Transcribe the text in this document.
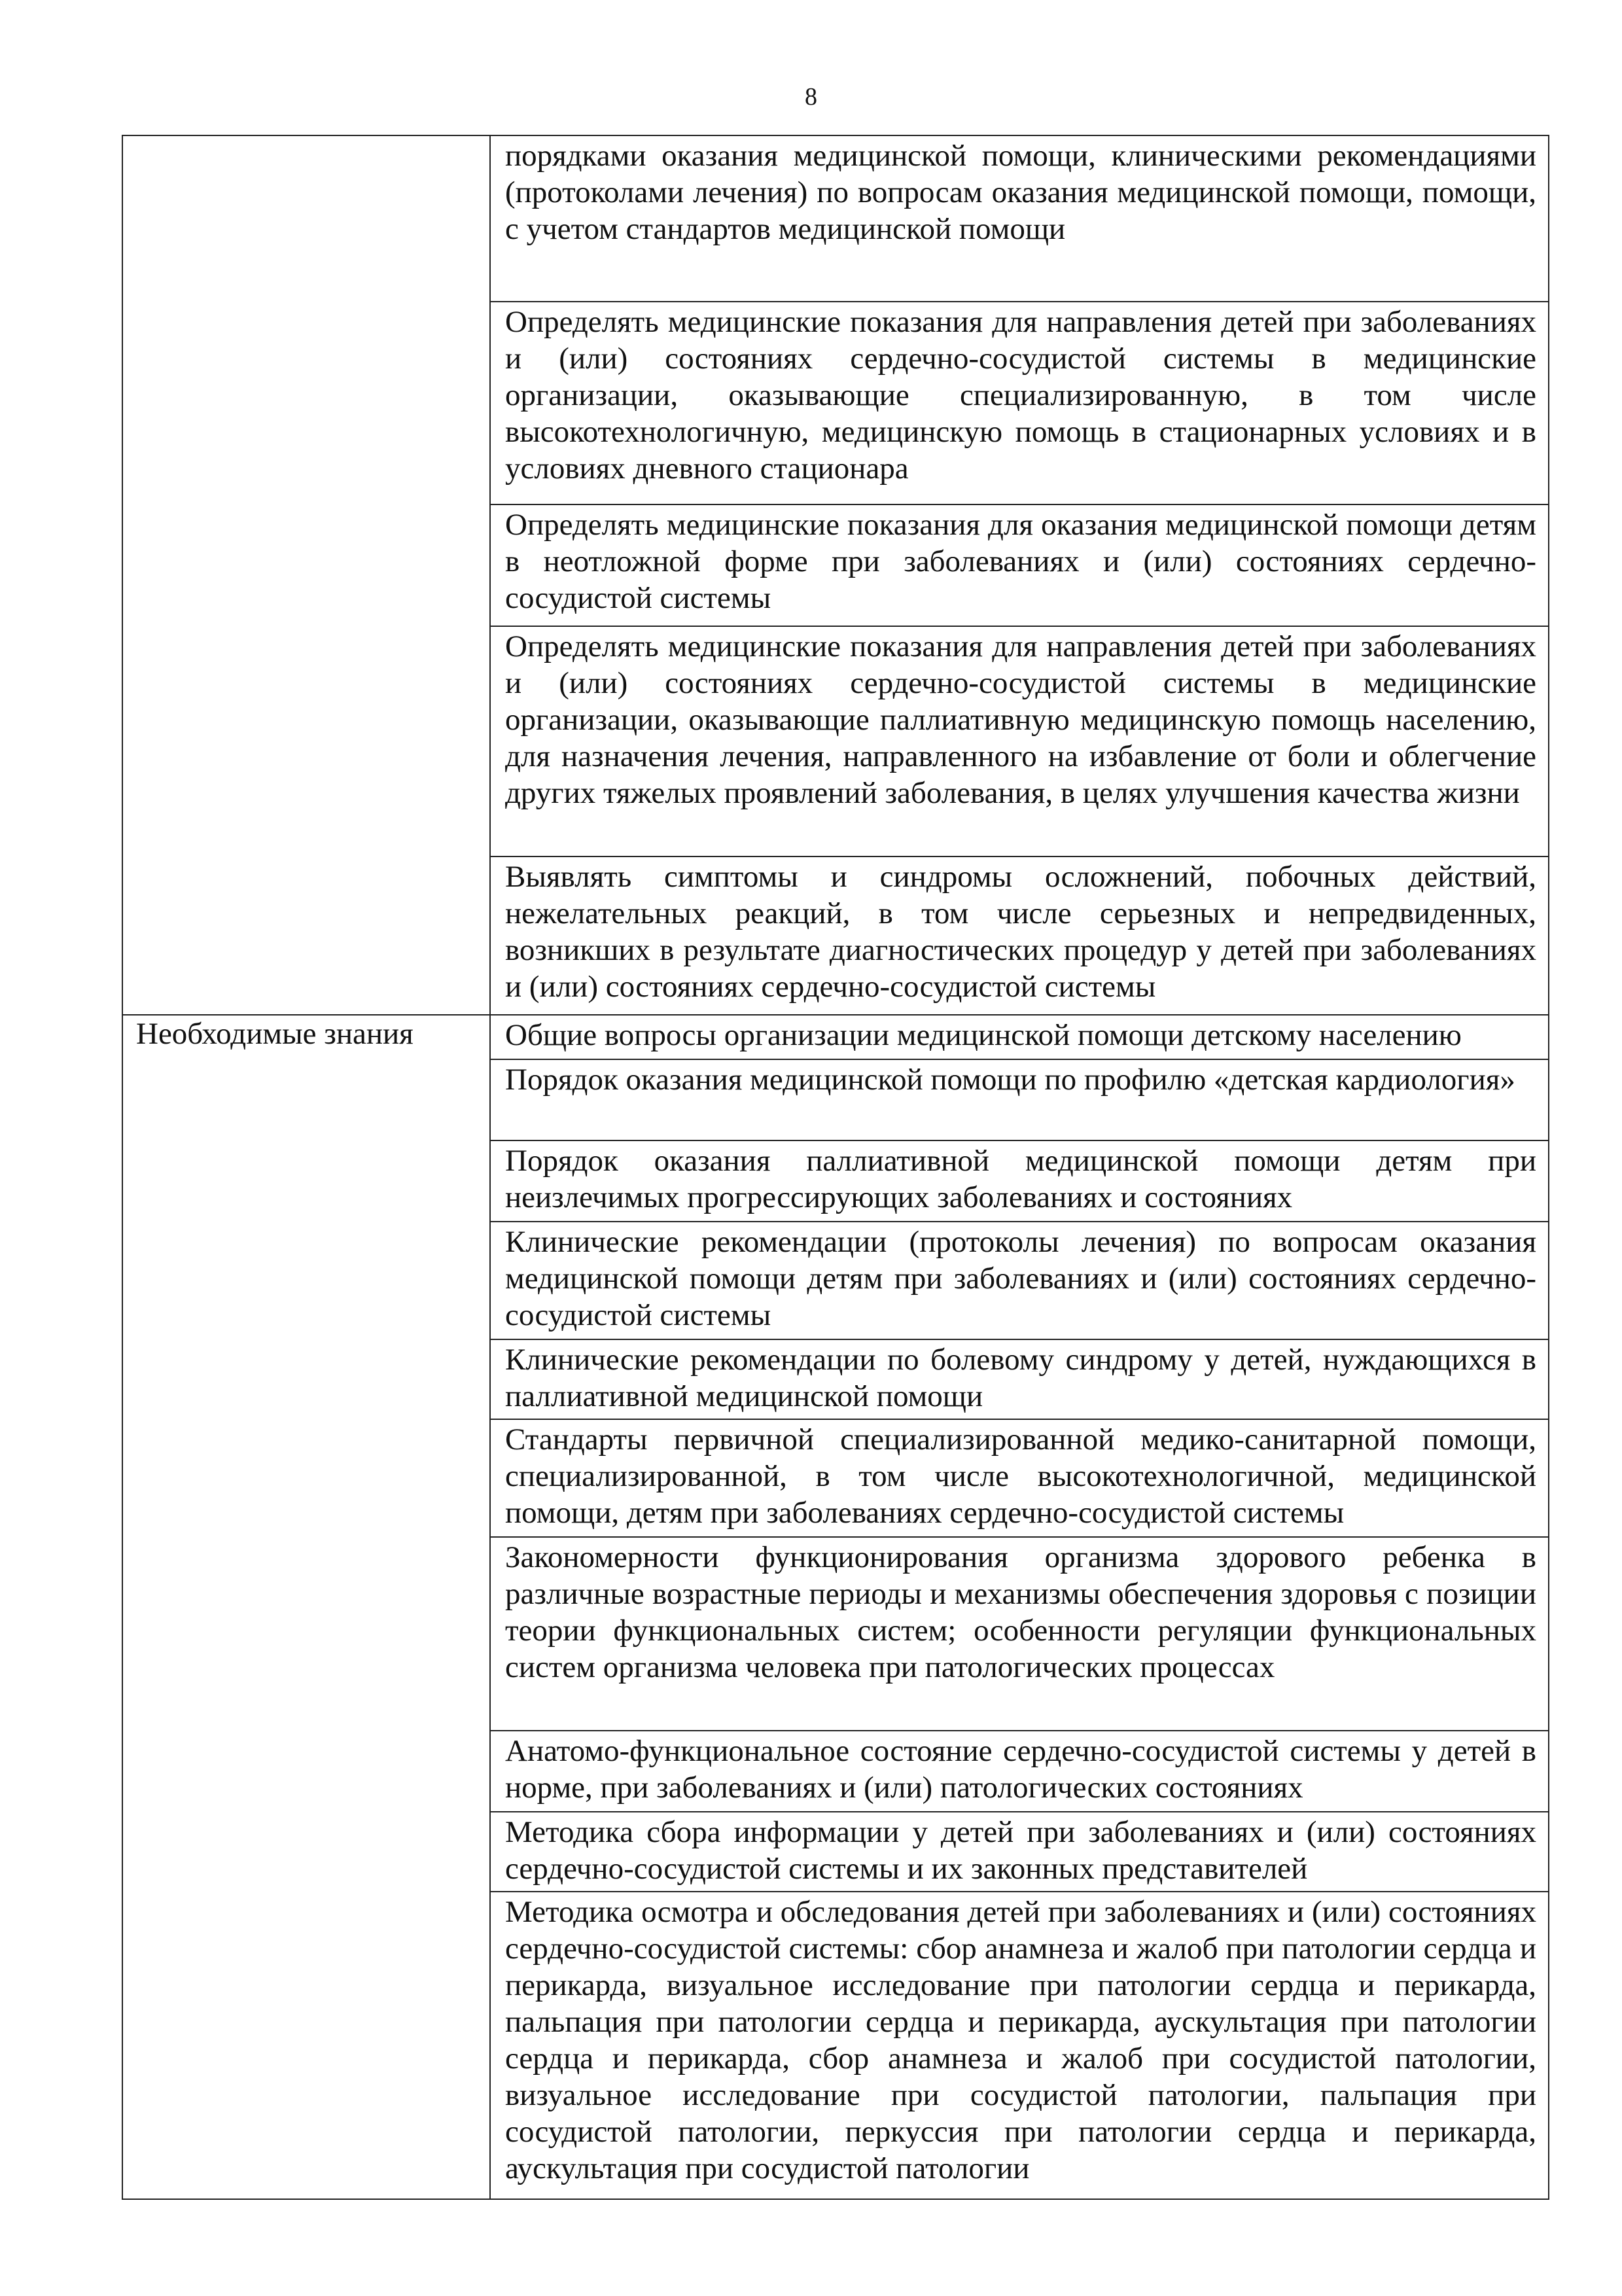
8

	порядками оказания медицинской помощи, клиническими рекомендациями (протоколами лечения) по вопросам оказания медицинской помощи, помощи, с учетом стандартов медицинской помощи

	Определять медицинские показания для направления детей при заболеваниях и (или) состояниях сердечно-сосудистой системы в медицинские организации, оказывающие специализированную, в том числе высокотехнологичную, медицинскую помощь в стационарных условиях и в условиях дневного стационара

	Определять медицинские показания для оказания медицинской помощи детям в неотложной форме при заболеваниях и (или) состояниях сердечно-сосудистой системы

	Определять медицинские показания для направления детей при заболеваниях и (или) состояниях сердечно-сосудистой системы в медицинские организации, оказывающие паллиативную медицинскую помощь населению, для назначения лечения, направленного на избавление от боли и облегчение других тяжелых проявлений заболевания, в целях улучшения качества жизни

	Выявлять симптомы и синдромы осложнений, побочных действий, нежелательных реакций, в том числе серьезных и непредвиденных, возникших в результате диагностических процедур у детей при заболеваниях и (или) состояниях сердечно-сосудистой системы

Необходимые знания	Общие вопросы организации медицинской помощи детскому населению

	Порядок оказания медицинской помощи по профилю «детская кардиология»

	Порядок оказания паллиативной медицинской помощи детям при неизлечимых прогрессирующих заболеваниях и состояниях

	Клинические рекомендации (протоколы лечения) по вопросам оказания медицинской помощи детям при заболеваниях и (или) состояниях сердечно-сосудистой системы

	Клинические рекомендации по болевому синдрому у детей, нуждающихся в паллиативной медицинской помощи

	Стандарты первичной специализированной медико-санитарной помощи, специализированной, в том числе высокотехнологичной, медицинской помощи, детям при заболеваниях сердечно-сосудистой системы

	Закономерности функционирования организма здорового ребенка в различные возрастные периоды и механизмы обеспечения здоровья с позиции теории функциональных систем; особенности регуляции функциональных систем организма человека при патологических процессах

	Анатомо-функциональное состояние сердечно-сосудистой системы у детей в норме, при заболеваниях и (или) патологических состояниях

	Методика сбора информации у детей при заболеваниях и (или) состояниях сердечно-сосудистой системы и их законных представителей

	Методика осмотра и обследования детей при заболеваниях и (или) состояниях сердечно-сосудистой системы: сбор анамнеза и жалоб при патологии сердца и перикарда, визуальное исследование при патологии сердца и перикарда, пальпация при патологии сердца и перикарда, аускультация при патологии сердца и перикарда, сбор анамнеза и жалоб при сосудистой патологии, визуальное исследование при сосудистой патологии, пальпация при сосудистой патологии, перкуссия при патологии сердца и перикарда, аускультация при сосудистой патологии
